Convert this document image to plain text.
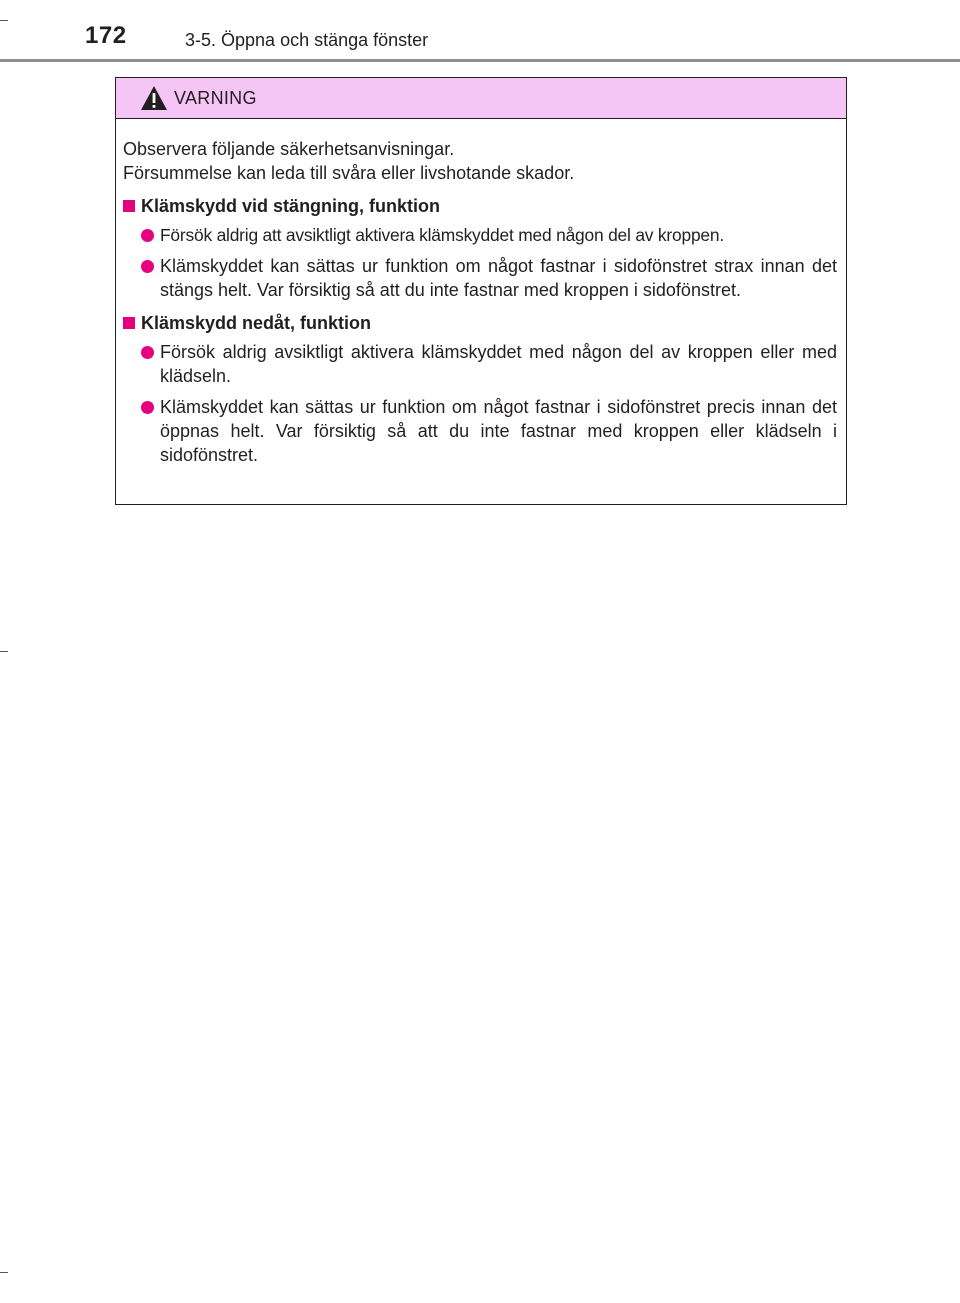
172	3-5. Öppna och stänga fönster
VARNING
Observera följande säkerhetsanvisningar.
Försummelse kan leda till svåra eller livshotande skador.
Klämskydd vid stängning, funktion
Försök aldrig att avsiktligt aktivera klämskyddet med någon del av kroppen.
Klämskyddet kan sättas ur funktion om något fastnar i sidofönstret strax innan det stängs helt. Var försiktig så att du inte fastnar med kroppen i sidofönstret.
Klämskydd nedåt, funktion
Försök aldrig avsiktligt aktivera klämskyddet med någon del av kroppen eller med klädseln.
Klämskyddet kan sättas ur funktion om något fastnar i sidofönstret precis innan det öppnas helt. Var försiktig så att du inte fastnar med kroppen eller klädseln i sidofönstret.
